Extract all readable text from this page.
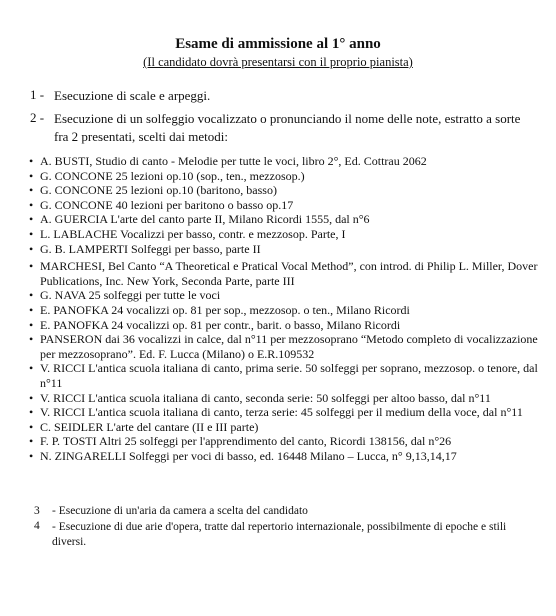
Esame di ammissione al 1° anno
(Il candidato dovrà presentarsi con il proprio pianista)
1 - Esecuzione di scale e arpeggi.
2 - Esecuzione di un solfeggio vocalizzato o pronunciando il nome delle note, estratto a sorte fra 2 presentati, scelti dai metodi:
• A. BUSTI, Studio di canto - Melodie per tutte le voci, libro 2°, Ed. Cottrau 2062
• G. CONCONE 25 lezioni op.10 (sop., ten., mezzosop.)
• G. CONCONE 25 lezioni op.10 (baritono, basso)
• G. CONCONE 40 lezioni per baritono o basso op.17
• A. GUERCIA L'arte del canto parte II, Milano Ricordi 1555, dal n°6
• L. LABLACHE Vocalizzi per basso, contr. e mezzosop. Parte, I
• G. B. LAMPERTI Solfeggi per basso, parte II
• MARCHESI, Bel Canto “A Theoretical e Pratical Vocal Method”, con introd. di Philip L. Miller, Dover Publications, Inc. New York, Seconda Parte, parte III
• G. NAVA 25 solfeggi per tutte le voci
• E. PANOFKA 24 vocalizzi op. 81 per sop., mezzosop. o ten., Milano Ricordi
• E. PANOFKA 24 vocalizzi op. 81 per contr., barit. o basso, Milano Ricordi
• PANSERON dai 36 vocalizzi in calce, dal n°11 per mezzosoprano “Metodo completo di vocalizzazione per mezzosoprano”. Ed. F. Lucca (Milano) o E.R.109532
• V. RICCI L'antica scuola italiana di canto, prima serie. 50 solfeggi per soprano, mezzosop. o tenore, dal n°11
• V. RICCI L'antica scuola italiana di canto, seconda serie: 50 solfeggi per altoo basso, dal n°11
• V. RICCI L'antica scuola italiana di canto, terza serie: 45 solfeggi per il medium della voce, dal n°11
• C. SEIDLER L'arte del cantare (II e III parte)
• F. P. TOSTI Altri 25 solfeggi per l'apprendimento del canto, Ricordi 138156, dal n°26
• N. ZINGARELLI Solfeggi per voci di basso, ed. 16448 Milano – Lucca, n° 9,13,14,17
3 - Esecuzione di un'aria da camera a scelta del candidato
4 - Esecuzione di due arie d'opera, tratte dal repertorio internazionale, possibilmente di epoche e stili diversi.
